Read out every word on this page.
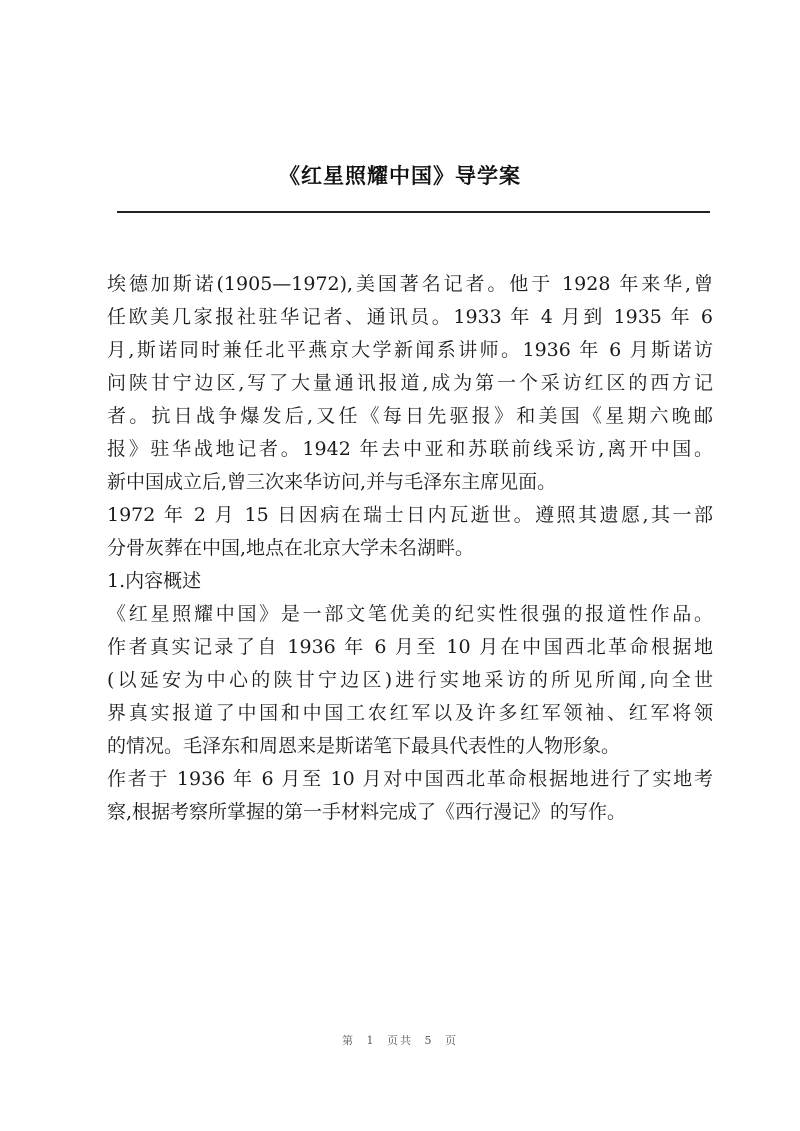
《红星照耀中国》导学案
埃德加斯诺(1905—1972),美国著名记者。他于 1928 年来华,曾
任欧美几家报社驻华记者、通讯员。1933 年 4 月到 1935 年 6
月,斯诺同时兼任北平燕京大学新闻系讲师。1936 年 6 月斯诺访
问陕甘宁边区,写了大量通讯报道,成为第一个采访红区的西方记
者。抗日战争爆发后,又任《每日先驱报》和美国《星期六晚邮
报》驻华战地记者。1942 年去中亚和苏联前线采访,离开中国。
新中国成立后,曾三次来华访问,并与毛泽东主席见面。
1972 年 2 月 15 日因病在瑞士日内瓦逝世。遵照其遗愿,其一部
分骨灰葬在中国,地点在北京大学未名湖畔。
1.内容概述
《红星照耀中国》是一部文笔优美的纪实性很强的报道性作品。
作者真实记录了自 1936 年 6 月至 10 月在中国西北革命根据地
(以延安为中心的陕甘宁边区)进行实地采访的所见所闻,向全世
界真实报道了中国和中国工农红军以及许多红军领袖、红军将领
的情况。毛泽东和周恩来是斯诺笔下最具代表性的人物形象。
作者于 1936 年 6 月至 10 月对中国西北革命根据地进行了实地考
察,根据考察所掌握的第一手材料完成了《西行漫记》的写作。
第 1 页共 5 页
